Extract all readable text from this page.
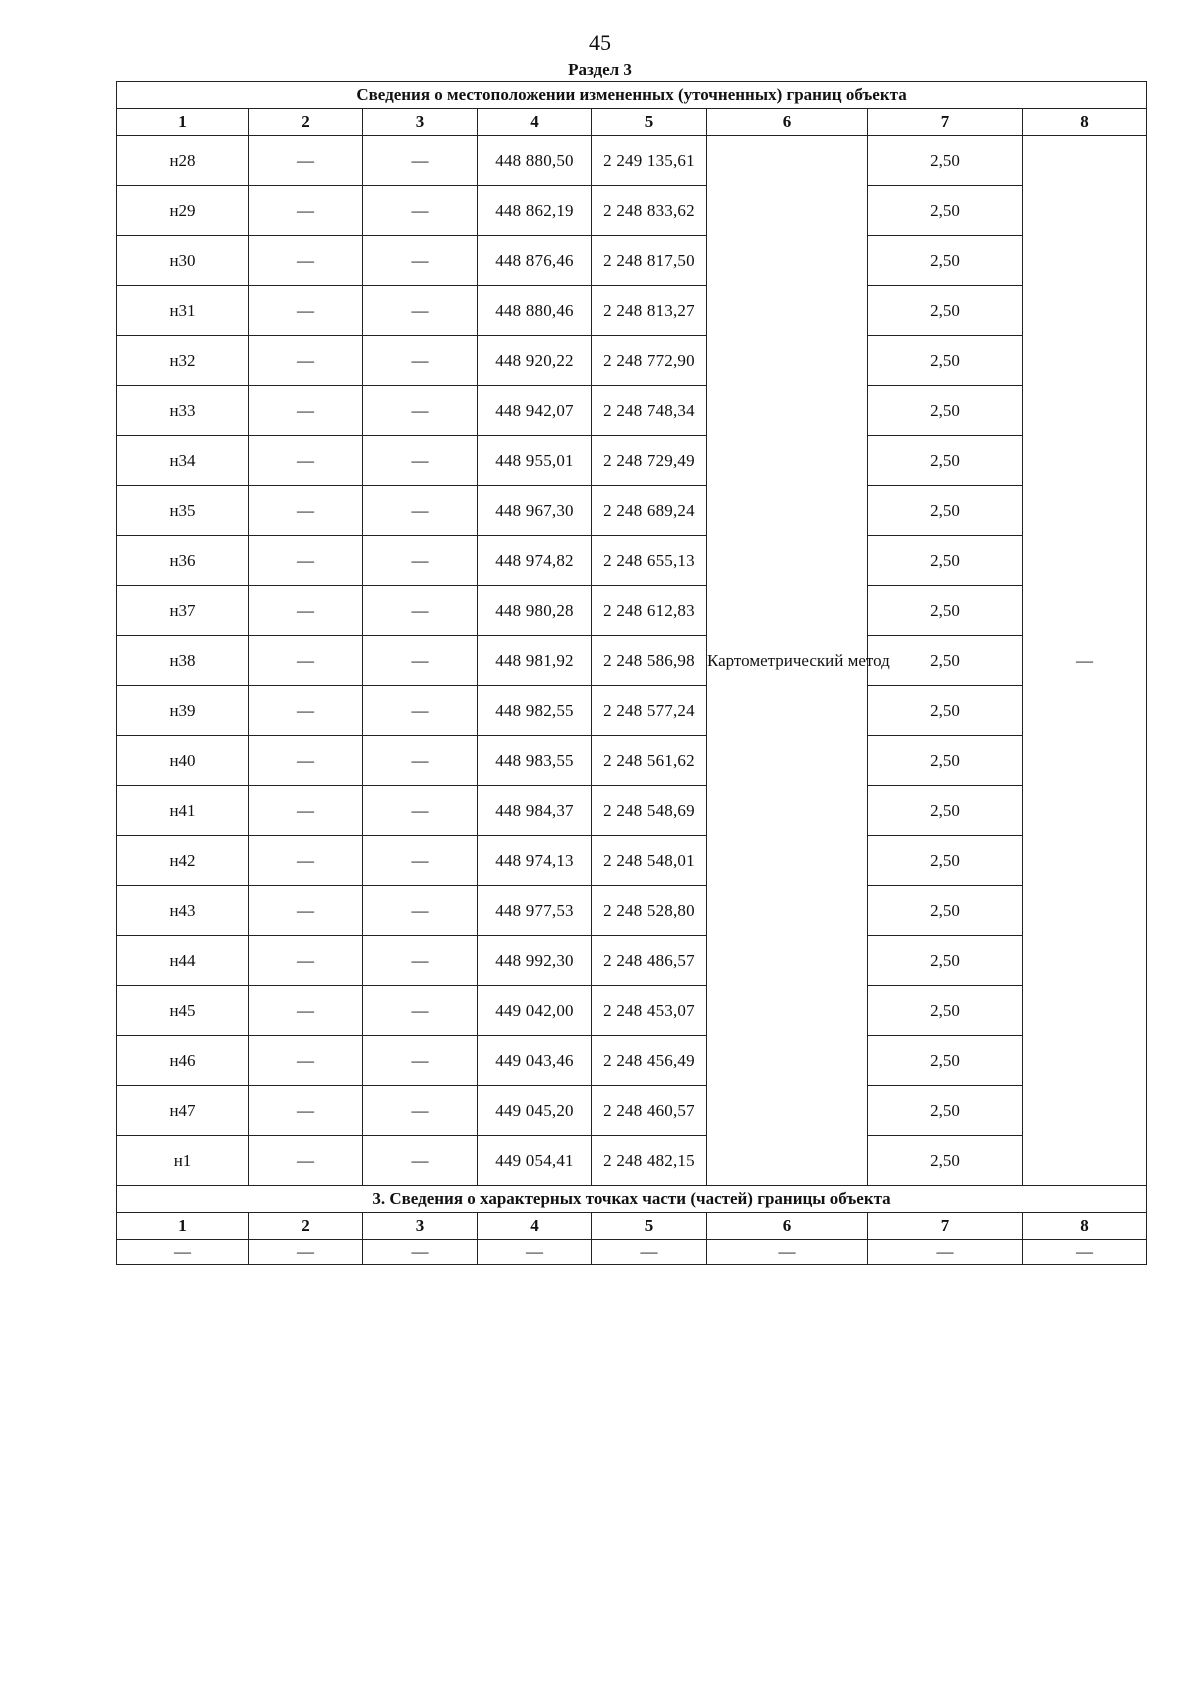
45
Раздел 3
Сведения о местоположении измененных (уточненных) границ объекта							
1	2	3	4	5	6	7	8
н28	—	—	448 880,50	2 249 135,61	Картометрический метод	2,50	—
н29	—	—	448 862,19	2 248 833,62		2,50	
н30	—	—	448 876,46	2 248 817,50		2,50	
н31	—	—	448 880,46	2 248 813,27		2,50	
н32	—	—	448 920,22	2 248 772,90		2,50	
н33	—	—	448 942,07	2 248 748,34		2,50	
н34	—	—	448 955,01	2 248 729,49		2,50	
н35	—	—	448 967,30	2 248 689,24		2,50	
н36	—	—	448 974,82	2 248 655,13		2,50	
н37	—	—	448 980,28	2 248 612,83		2,50	
н38	—	—	448 981,92	2 248 586,98		2,50	
н39	—	—	448 982,55	2 248 577,24		2,50	
н40	—	—	448 983,55	2 248 561,62		2,50	
н41	—	—	448 984,37	2 248 548,69		2,50	
н42	—	—	448 974,13	2 248 548,01		2,50	
н43	—	—	448 977,53	2 248 528,80		2,50	
н44	—	—	448 992,30	2 248 486,57		2,50	
н45	—	—	449 042,00	2 248 453,07		2,50	
н46	—	—	449 043,46	2 248 456,49		2,50	
н47	—	—	449 045,20	2 248 460,57		2,50	
н1	—	—	449 054,41	2 248 482,15		2,50	
3. Сведения о характерных точках части (частей) границы объекта							
1	2	3	4	5	6	7	8
—	—	—	—	—	—	—	—
